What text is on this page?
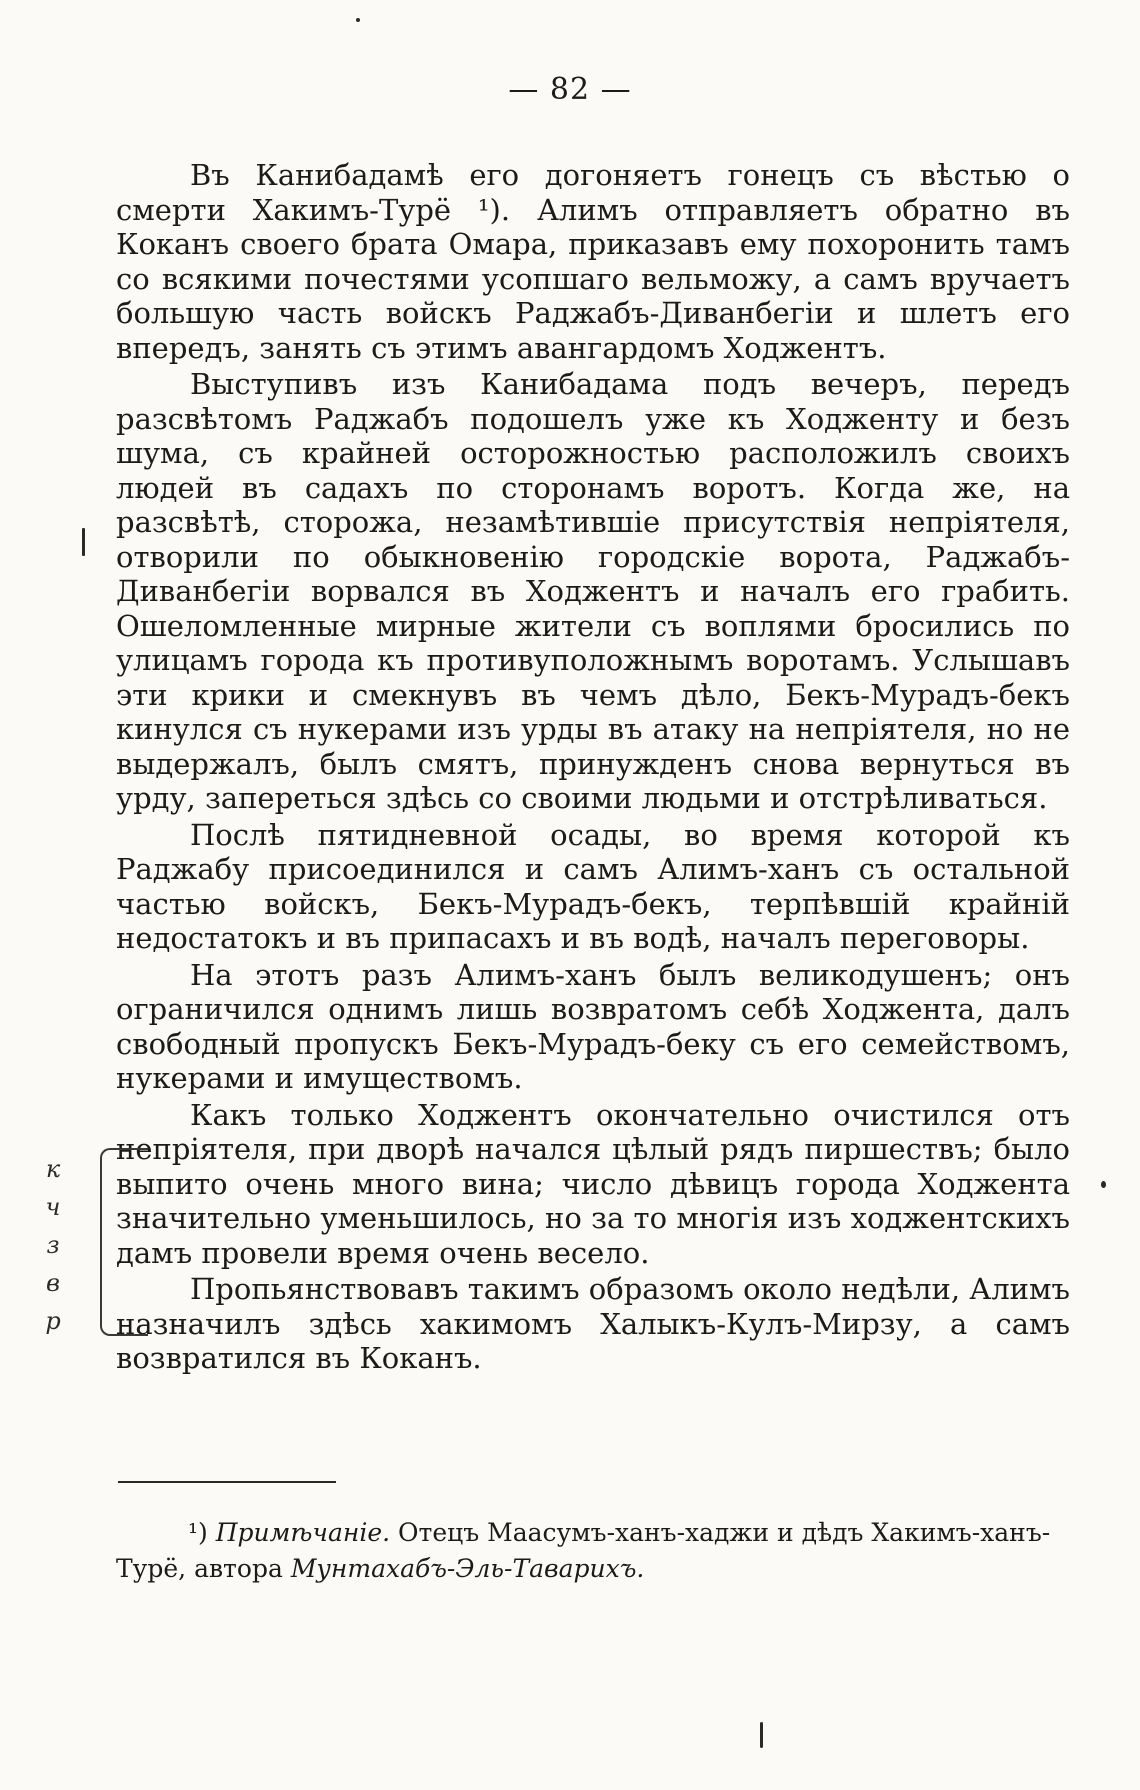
— 82 —

Въ Канибадамѣ его догоняетъ гонецъ съ вѣстью о смерти Хакимъ-Турё ¹). Алимъ отправляетъ обратно въ Коканъ своего брата Омара, приказавъ ему похоронить тамъ со всякими почестями усопшаго вельможу, а самъ вручаетъ большую часть войскъ Раджабъ-Диванбегіи и шлетъ его впередъ, занять съ этимъ авангардомъ Ходжентъ.

Выступивъ изъ Канибадама подъ вечеръ, передъ разсвѣтомъ Раджабъ подошелъ уже къ Ходженту и безъ шума, съ крайней осторожностью расположилъ своихъ людей въ садахъ по сторонамъ воротъ. Когда же, на разсвѣтѣ, сторожа, незамѣтившіе присутствія непріятеля, отворили по обыкновенію городскіе ворота, Раджабъ-Диванбегіи ворвался въ Ходжентъ и началъ его грабить. Ошеломленные мирные жители съ воплями бросились по улицамъ города къ противуположнымъ воротамъ. Услышавъ эти крики и смекнувъ въ чемъ дѣло, Бекъ-Мурадъ-бекъ кинулся съ нукерами изъ урды въ атаку на непріятеля, но не выдержалъ, былъ смятъ, принужденъ снова вернуться въ урду, запереться здѣсь со своими людьми и отстрѣливаться.

Послѣ пятидневной осады, во время которой къ Раджабу присоединился и самъ Алимъ-ханъ съ остальной частью войскъ, Бекъ-Мурадъ-бекъ, терпѣвшій крайній недостатокъ и въ припасахъ и въ водѣ, началъ переговоры.

На этотъ разъ Алимъ-ханъ былъ великодушенъ; онъ ограничился однимъ лишь возвратомъ себѣ Ходжента, далъ свободный пропускъ Бекъ-Мурадъ-беку съ его семействомъ, нукерами и имуществомъ.

Какъ только Ходжентъ окончательно очистился отъ непріятеля, при дворѣ начался цѣлый рядъ пиршествъ; было выпито очень много вина; число дѣвицъ города Ходжента значительно уменьшилось, но за то многія изъ ходжентскихъ дамъ провели время очень весело.

Пропьянствовавъ такимъ образомъ около недѣли, Алимъ назначилъ здѣсь хакимомъ Халыкъ-Кулъ-Мирзу, а самъ возвратился въ Коканъ.

¹) Примѣчаніе. Отецъ Маасумъ-ханъ-хаджи и дѣдъ Хакимъ-ханъ-Турё, автора Мунтахабъ-Эль-Таварихъ.

к ч з в р
